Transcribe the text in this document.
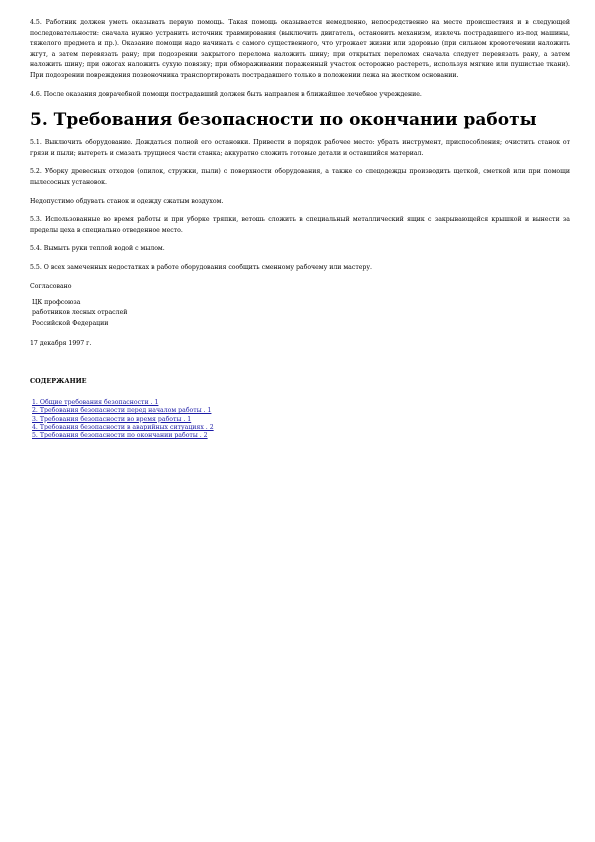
4.5. Работник должен уметь оказывать первую помощь. Такая помощь оказывается немедленно, непосредственно на месте происшествия и в следующей последовательности: сначала нужно устранить источник травмирования (выключить двигатель, остановить механизм, извлечь пострадавшего из-под машины, тяжелого предмета и пр.). Оказание помощи надо начинать с самого существенного, что угрожает жизни или здоровью (при сильном кровотечении наложить жгут, а затем перевязать рану; при подозрении закрытого перелома наложить шину; при открытых переломах сначала следует перевязать рану, а затем наложить шину; при ожогах наложить сухую повязку; при обмораживании пораженный участок осторожно растереть, используя мягкие или пушистые ткани). При подозрении повреждения позвоночника транспортировать пострадавшего только в положении лежа на жестком основании.

4.6. После оказания доврачебной помощи пострадавший должен быть направлен в ближайшее лечебное учреждение.

5. Требования безопасности по окончании работы

5.1. Выключить оборудование. Дождаться полной его остановки. Привести в порядок рабочее место: убрать инструмент, приспособления; очистить станок от грязи и пыли; вытереть и смазать трущиеся части станка; аккуратно сложить готовые детали и оставшийся материал.

5.2. Уборку древесных отходов (опилок, стружки, пыли) с поверхности оборудования, а также со спецодежды производить щеткой, сметкой или при помощи пылесосных установок.

Недопустимо обдувать станок и одежду сжатым воздухом.

5.3. Использованные во время работы и при уборке тряпки, ветошь сложить в специальный металлический ящик с закрывающейся крышкой и вынести за пределы цеха в специально отведенное место.

5.4. Вымыть руки теплой водой с мылом.

5.5. О всех замеченных недостатках в работе оборудования сообщить сменному рабочему или мастеру.

Согласовано

ЦК профсоюза
работников лесных отраслей
Российской Федерации
17 декабря 1997 г.
СОДЕРЖАНИЕ
1. Общие требования безопасности . 1
2. Требования безопасности перед началом работы . 1
3. Требования безопасности во время работы . 1
4. Требования безопасности в аварийных ситуациях . 2
5. Требования безопасности по окончании работы . 2
